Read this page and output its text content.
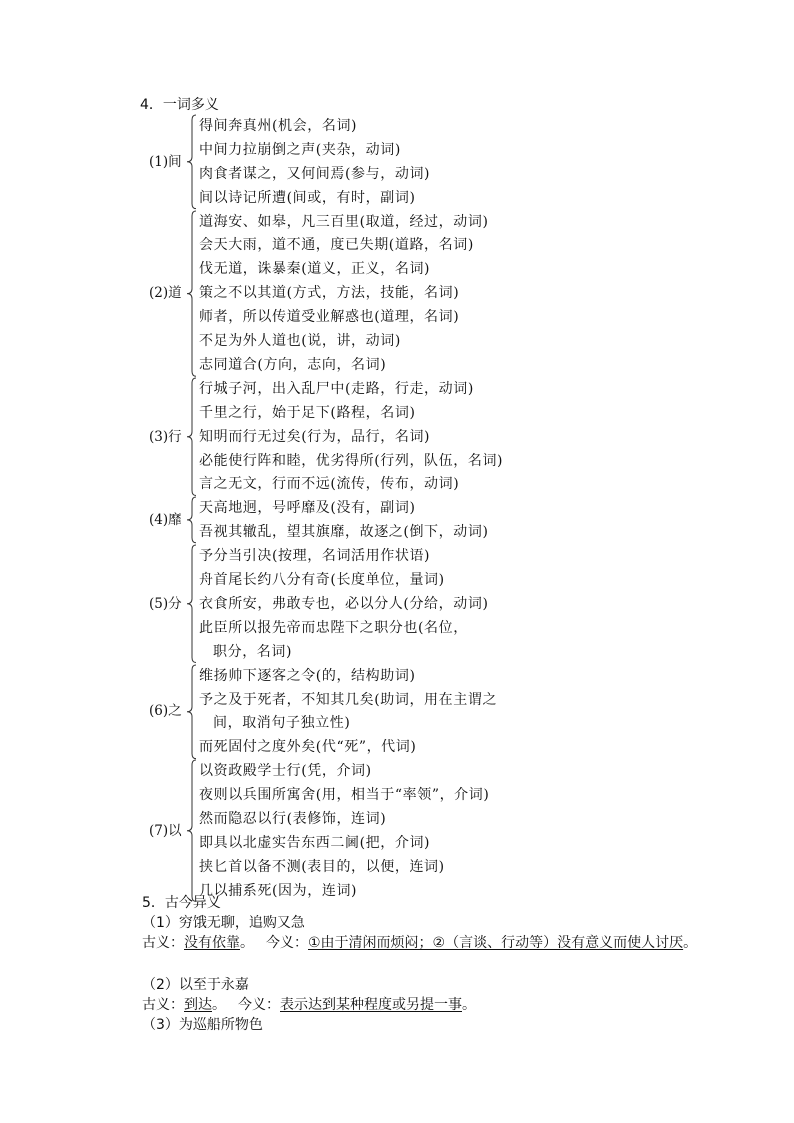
4．一词多义
(1)间
得间奔真州(机会，名词)
中间力拉崩倒之声(夹杂，动词)
肉食者谋之，又何间焉(参与，动词)
间以诗记所遭(间或，有时，副词)
(2)道
道海安、如皋，凡三百里(取道，经过，动词)
会天大雨，道不通，度已失期(道路，名词)
伐无道，诛暴秦(道义，正义，名词)
策之不以其道(方式，方法，技能，名词)
师者，所以传道受业解惑也(道理，名词)
不足为外人道也(说，讲，动词)
志同道合(方向，志向，名词)
(3)行
行城子河，出入乱尸中(走路，行走，动词)
千里之行，始于足下(路程，名词)
知明而行无过矣(行为，品行，名词)
必能使行阵和睦，优劣得所(行列，队伍，名词)
言之无文，行而不远(流传，传布，动词)
(4)靡
天高地迥，号呼靡及(没有，副词)
吾视其辙乱，望其旗靡，故逐之(倒下，动词)
(5)分
予分当引决(按理，名词活用作状语)
舟首尾长约八分有奇(长度单位，量词)
衣食所安，弗敢专也，必以分人(分给，动词)
此臣所以报先帝而忠陛下之职分也(名位，
职分，名词)
(6)之
维扬帅下逐客之令(的，结构助词)
予之及于死者，不知其几矣(助词，用在主谓之
间，取消句子独立性)
而死固付之度外矣(代“死”，代词)
(7)以
以资政殿学士行(凭，介词)
夜则以兵围所寓舍(用，相当于“率领”，介词)
然而隐忍以行(表修饰，连词)
即具以北虚实告东西二阃(把，介词)
挟匕首以备不测(表目的，以便，连词)
几以捕系死(因为，连词)
5．古今异义
（1）穷饿无聊，追购又急
古义：没有依靠。 今义：①由于清闲而烦闷；②（言谈、行动等）没有意义而使人讨厌。
（2）以至于永嘉
古义：到达。 今义：表示达到某种程度或另提一事。
（3）为巡船所物色
